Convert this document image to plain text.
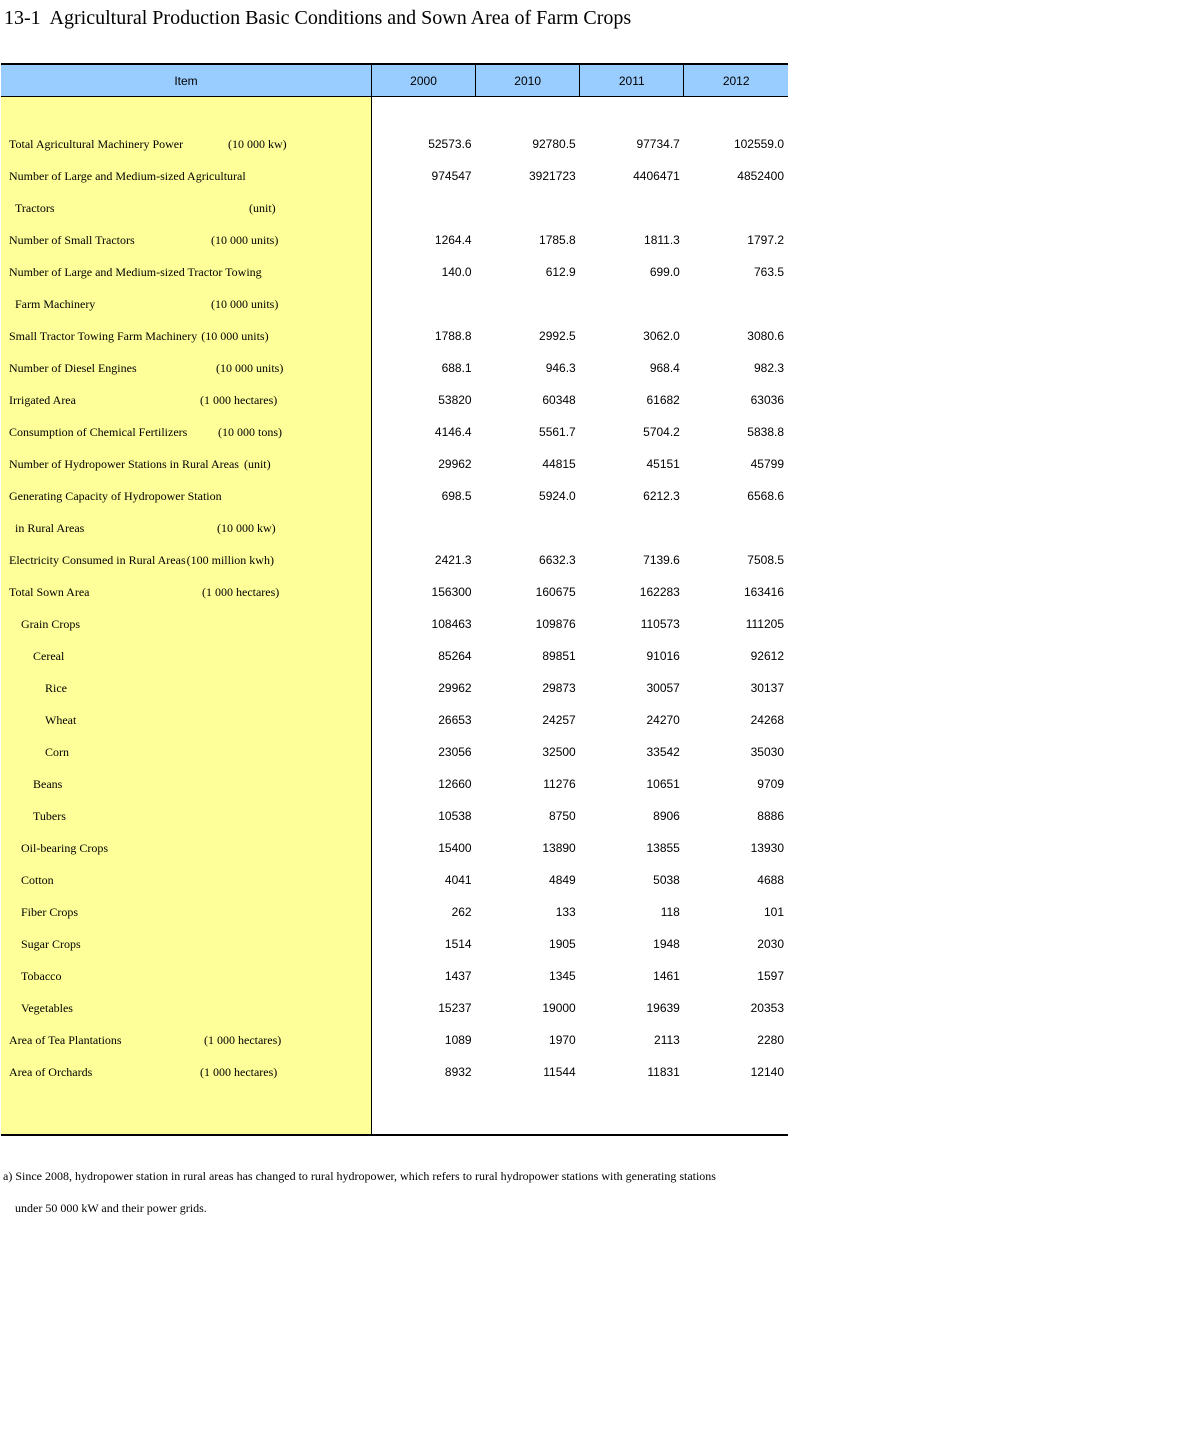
13-1  Agricultural Production Basic Conditions and Sown Area of Farm Crops
Item	2000	2010	2011	2012

Total Agricultural Machinery Power (10 000 kw)	52573.6	92780.5	97734.7	102559.0

Number of Large and Medium-sized Agricultural	974547	3921723	4406471	4852400

Tractors (unit)				

Number of Small Tractors (10 000 units)	1264.4	1785.8	1811.3	1797.2

Number of Large and Medium-sized Tractor Towing	140.0	612.9	699.0	763.5

Farm Machinery (10 000 units)				

Small Tractor Towing Farm Machinery (10 000 units)	1788.8	2992.5	3062.0	3080.6

Number of Diesel Engines (10 000 units)	688.1	946.3	968.4	982.3

Irrigated Area (1 000 hectares)	53820	60348	61682	63036

Consumption of Chemical Fertilizers (10 000 tons)	4146.4	5561.7	5704.2	5838.8

Number of Hydropower Stations in Rural Areas (unit)	29962	44815	45151	45799

Generating Capacity of Hydropower Station	698.5	5924.0	6212.3	6568.6

in Rural Areas (10 000 kw)				

Electricity Consumed in Rural Areas(100 million kwh)	2421.3	6632.3	7139.6	7508.5

Total Sown Area (1 000 hectares)	156300	160675	162283	163416

Grain Crops	108463	109876	110573	111205

Cereal	85264	89851	91016	92612

Rice	29962	29873	30057	30137

Wheat	26653	24257	24270	24268

Corn	23056	32500	33542	35030

Beans	12660	11276	10651	9709

Tubers	10538	8750	8906	8886

Oil-bearing Crops	15400	13890	13855	13930

Cotton	4041	4849	5038	4688

Fiber Crops	262	133	118	101

Sugar Crops	1514	1905	1948	2030

Tobacco	1437	1345	1461	1597

Vegetables	15237	19000	19639	20353

Area of Tea Plantations (1 000 hectares)	1089	1970	2113	2280

Area of Orchards (1 000 hectares)	8932	11544	11831	12140

a) Since 2008, hydropower station in rural areas has changed to rural hydropower, which refers to rural hydropower stations with generating stations
under 50 000 kW and their power grids.
